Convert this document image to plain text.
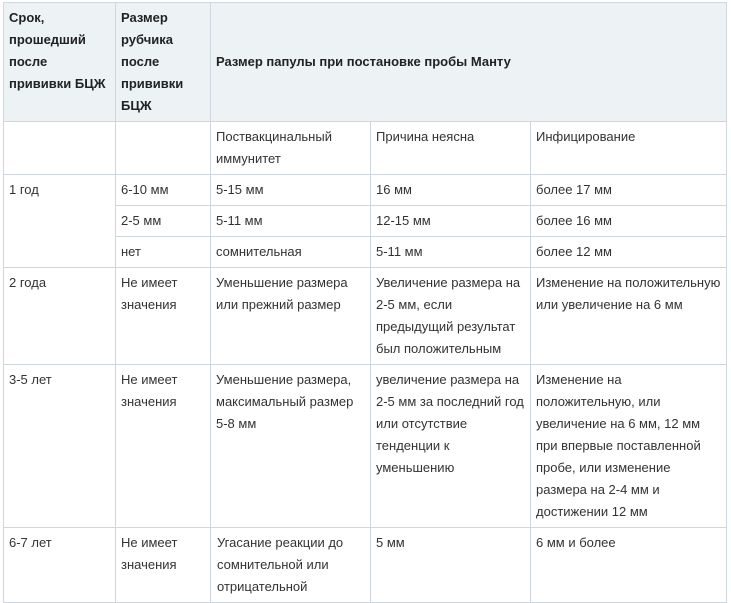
Срок, прошедший после прививки БЦЖ	Размер рубчика после прививки БЦЖ	Размер папулы при постановке пробы Манту		
		Поствакцинальный иммунитет	Причина неясна	Инфицирование
1 год	6-10 мм	5-15 мм	16 мм	более 17 мм
	2-5 мм	5-11 мм	12-15 мм	более 16 мм
	нет	сомнительная	5-11 мм	более 12 мм
2 года	Не имеет значения	Уменьшение размера или прежний размер	Увеличение размера на 2-5 мм, если предыдущий результат был положительным	Изменение на положительную или увеличение на 6 мм
3-5 лет	Не имеет значения	Уменьшение размера, максимальный размер 5-8 мм	увеличение размера на 2-5 мм за последний год или отсутствие тенденции к уменьшению	Изменение на положительную, или увеличение на 6 мм, 12 мм при впервые поставленной пробе, или изменение размера на 2-4 мм и достижении 12 мм
6-7 лет	Не имеет значения	Угасание реакции до сомнительной или отрицательной	5 мм	6 мм и более
